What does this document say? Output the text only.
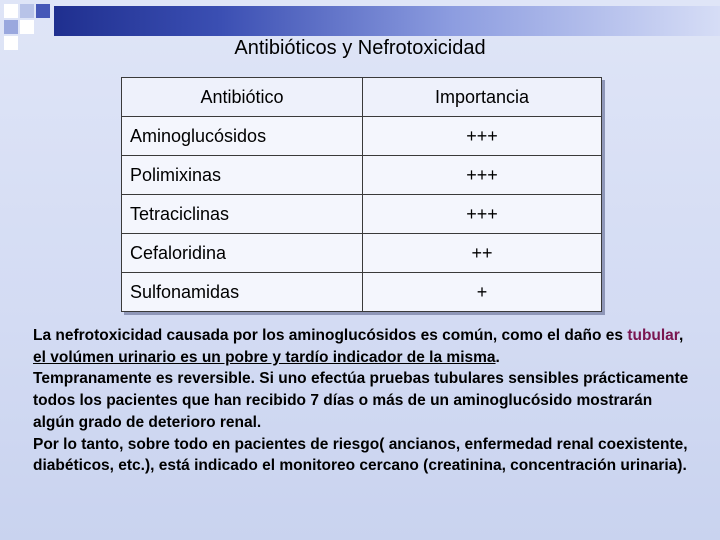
Antibióticos y Nefrotoxicidad
Antibiótico	Importancia
Aminoglucósidos	+++
Polimixinas	+++
Tetraciclinas	+++
Cefaloridina	++
Sulfonamidas	+
La nefrotoxicidad causada por los aminoglucósidos es común, como el daño es tubular, el volúmen urinario es un pobre y tardío indicador de la misma.
Tempranamente es reversible. Si uno efectúa pruebas tubulares sensibles prácticamente todos los pacientes que han recibido 7 días o más de un aminoglucósido mostrarán algún grado de deterioro renal.
Por lo tanto, sobre todo en pacientes de riesgo( ancianos, enfermedad renal coexistente, diabéticos, etc.), está indicado el monitoreo cercano (creatinina, concentración urinaria).
